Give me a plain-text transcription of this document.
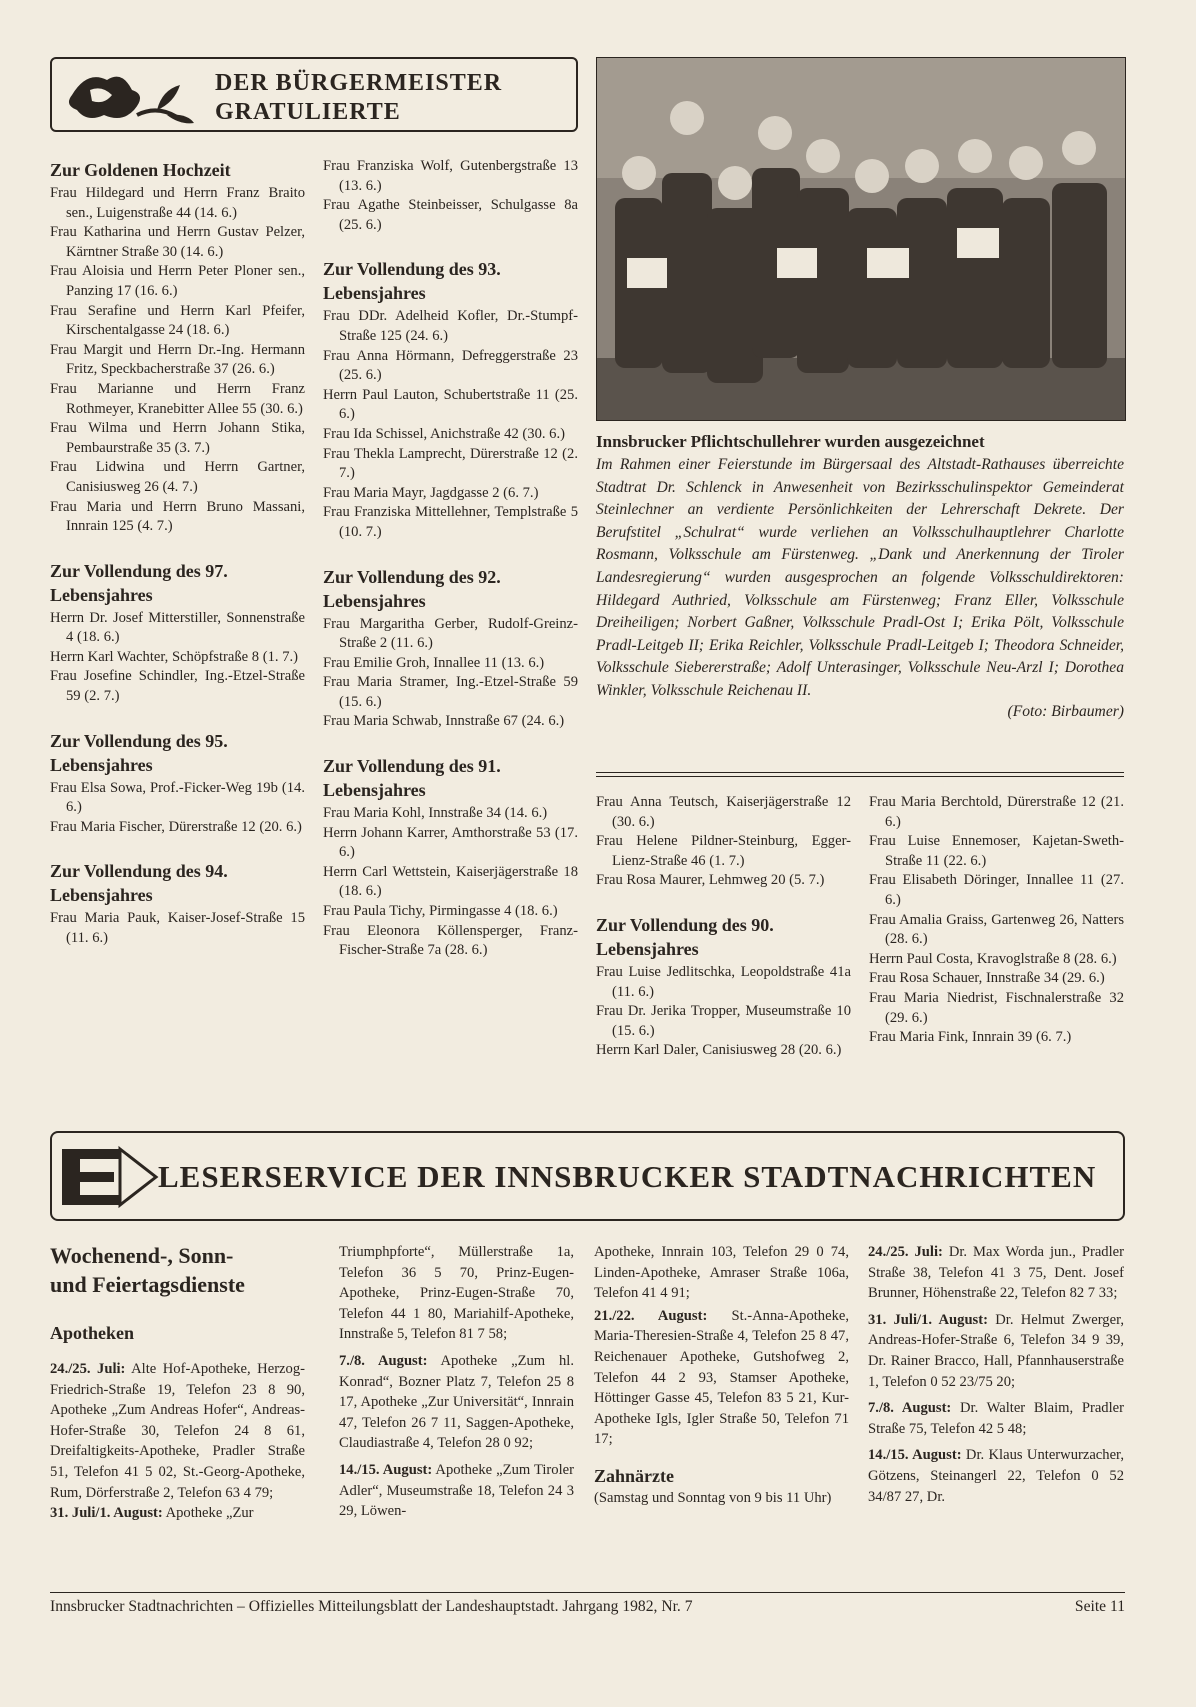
DER BÜRGERMEISTER
GRATULIERTE
Zur Goldenen Hochzeit

Frau Hildegard und Herrn Franz Braito sen., Luigenstraße 44 (14. 6.)

Frau Katharina und Herrn Gustav Pelzer, Kärntner Straße 30 (14. 6.)

Frau Aloisia und Herrn Peter Ploner sen., Panzing 17 (16. 6.)

Frau Serafine und Herrn Karl Pfeifer, Kirschentalgasse 24 (18. 6.)

Frau Margit und Herrn Dr.-Ing. Hermann Fritz, Speckbacherstraße 37 (26. 6.)

Frau Marianne und Herrn Franz Rothmeyer, Kranebitter Allee 55 (30. 6.)

Frau Wilma und Herrn Johann Stika, Pembaurstraße 35 (3. 7.)

Frau Lidwina und Herrn Gartner, Canisiusweg 26 (4. 7.)

Frau Maria und Herrn Bruno Massani, Innrain 125 (4. 7.)

Zur Vollendung des 97. Lebensjahres

Herrn Dr. Josef Mitterstiller, Sonnenstraße 4 (18. 6.)

Herrn Karl Wachter, Schöpfstraße 8 (1. 7.)

Frau Josefine Schindler, Ing.-Etzel-Straße 59 (2. 7.)

Zur Vollendung des 95. Lebensjahres

Frau Elsa Sowa, Prof.-Ficker-Weg 19b (14. 6.)

Frau Maria Fischer, Dürerstraße 12 (20. 6.)

Zur Vollendung des 94. Lebensjahres

Frau Maria Pauk, Kaiser-Josef-Straße 15 (11. 6.)

Frau Franziska Wolf, Gutenbergstraße 13 (13. 6.)

Frau Agathe Steinbeisser, Schulgasse 8a (25. 6.)

Zur Vollendung des 93. Lebensjahres

Frau DDr. Adelheid Kofler, Dr.-Stumpf-Straße 125 (24. 6.)

Frau Anna Hörmann, Defreggerstraße 23 (25. 6.)

Herrn Paul Lauton, Schubertstraße 11 (25. 6.)

Frau Ida Schissel, Anichstraße 42 (30. 6.)

Frau Thekla Lamprecht, Dürerstraße 12 (2. 7.)

Frau Maria Mayr, Jagdgasse 2 (6. 7.)

Frau Franziska Mittellehner, Templstraße 5 (10. 7.)

Zur Vollendung des 92. Lebensjahres

Frau Margaritha Gerber, Rudolf-Greinz-Straße 2 (11. 6.)

Frau Emilie Groh, Innallee 11 (13. 6.)

Frau Maria Stramer, Ing.-Etzel-Straße 59 (15. 6.)

Frau Maria Schwab, Innstraße 67 (24. 6.)

Zur Vollendung des 91. Lebensjahres

Frau Maria Kohl, Innstraße 34 (14. 6.)

Herrn Johann Karrer, Amthorstraße 53 (17. 6.)

Herrn Carl Wettstein, Kaiserjägerstraße 18 (18. 6.)

Frau Paula Tichy, Pirmingasse 4 (18. 6.)

Frau Eleonora Köllensperger, Franz-Fischer-Straße 7a (28. 6.)

Innsbrucker Pflichtschullehrer wurden ausgezeichnet
Im Rahmen einer Feierstunde im Bürgersaal des Altstadt-Rathauses überreichte Stadtrat Dr. Schlenck in Anwesenheit von Bezirksschulinspektor Gemeinderat Steinlechner an verdiente Persönlichkeiten der Lehrerschaft Dekrete. Der Berufstitel „Schulrat“ wurde verliehen an Volksschulhauptlehrer Charlotte Rosmann, Volksschule am Fürstenweg. „Dank und Anerkennung der Tiroler Landesregierung“ wurden ausgesprochen an folgende Volksschuldirektoren: Hildegard Authried, Volksschule am Fürstenweg; Franz Eller, Volksschule Dreiheiligen; Norbert Gaßner, Volksschule Pradl-Ost I; Erika Pölt, Volksschule Pradl-Leitgeb II; Erika Reichler, Volksschule Pradl-Leitgeb I; Theodora Schneider, Volksschule Siebererstraße; Adolf Unterasinger, Volksschule Neu-Arzl I; Dorothea Winkler, Volksschule Reichenau II.
(Foto: Birbaumer)

Frau Anna Teutsch, Kaiserjägerstraße 12 (30. 6.)

Frau Helene Pildner-Steinburg, Egger-Lienz-Straße 46 (1. 7.)

Frau Rosa Maurer, Lehmweg 20 (5. 7.)

Zur Vollendung des 90. Lebensjahres

Frau Luise Jedlitschka, Leopoldstraße 41a (11. 6.)

Frau Dr. Jerika Tropper, Museumstraße 10 (15. 6.)

Herrn Karl Daler, Canisiusweg 28 (20. 6.)

Frau Maria Berchtold, Dürerstraße 12 (21. 6.)

Frau Luise Ennemoser, Kajetan-Sweth-Straße 11 (22. 6.)

Frau Elisabeth Döringer, Innallee 11 (27. 6.)

Frau Amalia Graiss, Gartenweg 26, Natters (28. 6.)

Herrn Paul Costa, Kravoglstraße 8 (28. 6.)

Frau Rosa Schauer, Innstraße 34 (29. 6.)

Frau Maria Niedrist, Fischnalerstraße 32 (29. 6.)

Frau Maria Fink, Innrain 39 (6. 7.)

LESERSERVICE DER INNSBRUCKER STADTNACHRICHTEN
Wochenend-, Sonn-
und Feiertagsdienste
Apotheken

24./25. Juli: Alte Hof-Apotheke, Herzog-Friedrich-Straße 19, Telefon 23 8 90, Apotheke „Zum Andreas Hofer“, Andreas-Hofer-Straße 30, Telefon 24 8 61, Dreifaltigkeits-Apotheke, Pradler Straße 51, Telefon 41 5 02, St.-Georg-Apotheke, Rum, Dörferstraße 2, Telefon 63 4 79;

31. Juli/1. August: Apotheke „Zur

Triumphpforte“, Müllerstraße 1a, Telefon 36 5 70, Prinz-Eugen-Apotheke, Prinz-Eugen-Straße 70, Telefon 44 1 80, Mariahilf-Apotheke, Innstraße 5, Telefon 81 7 58;

7./8. August: Apotheke „Zum hl. Konrad“, Bozner Platz 7, Telefon 25 8 17, Apotheke „Zur Universität“, Innrain 47, Telefon 26 7 11, Saggen-Apotheke, Claudiastraße 4, Telefon 28 0 92;

14./15. August: Apotheke „Zum Tiroler Adler“, Museumstraße 18, Telefon 24 3 29, Löwen-

Apotheke, Innrain 103, Telefon 29 0 74, Linden-Apotheke, Amraser Straße 106a, Telefon 41 4 91;

21./22. August: St.-Anna-Apotheke, Maria-Theresien-Straße 4, Telefon 25 8 47, Reichenauer Apotheke, Gutshofweg 2, Telefon 44 2 93, Stamser Apotheke, Höttinger Gasse 45, Telefon 83 5 21, Kur-Apotheke Igls, Igler Straße 50, Telefon 71 17;

Zahnärzte

(Samstag und Sonntag von 9 bis 11 Uhr)

24./25. Juli: Dr. Max Worda jun., Pradler Straße 38, Telefon 41 3 75, Dent. Josef Brunner, Höhenstraße 22, Telefon 82 7 33;

31. Juli/1. August: Dr. Helmut Zwerger, Andreas-Hofer-Straße 6, Telefon 34 9 39, Dr. Rainer Bracco, Hall, Pfannhauserstraße 1, Telefon 0 52 23/75 20;

7./8. August: Dr. Walter Blaim, Pradler Straße 75, Telefon 42 5 48;

14./15. August: Dr. Klaus Unterwurzacher, Götzens, Steinangerl 22, Telefon 0 52 34/87 27, Dr.

Innsbrucker Stadtnachrichten – Offizielles Mitteilungsblatt der Landeshauptstadt. Jahrgang 1982, Nr. 7	Seite 11
